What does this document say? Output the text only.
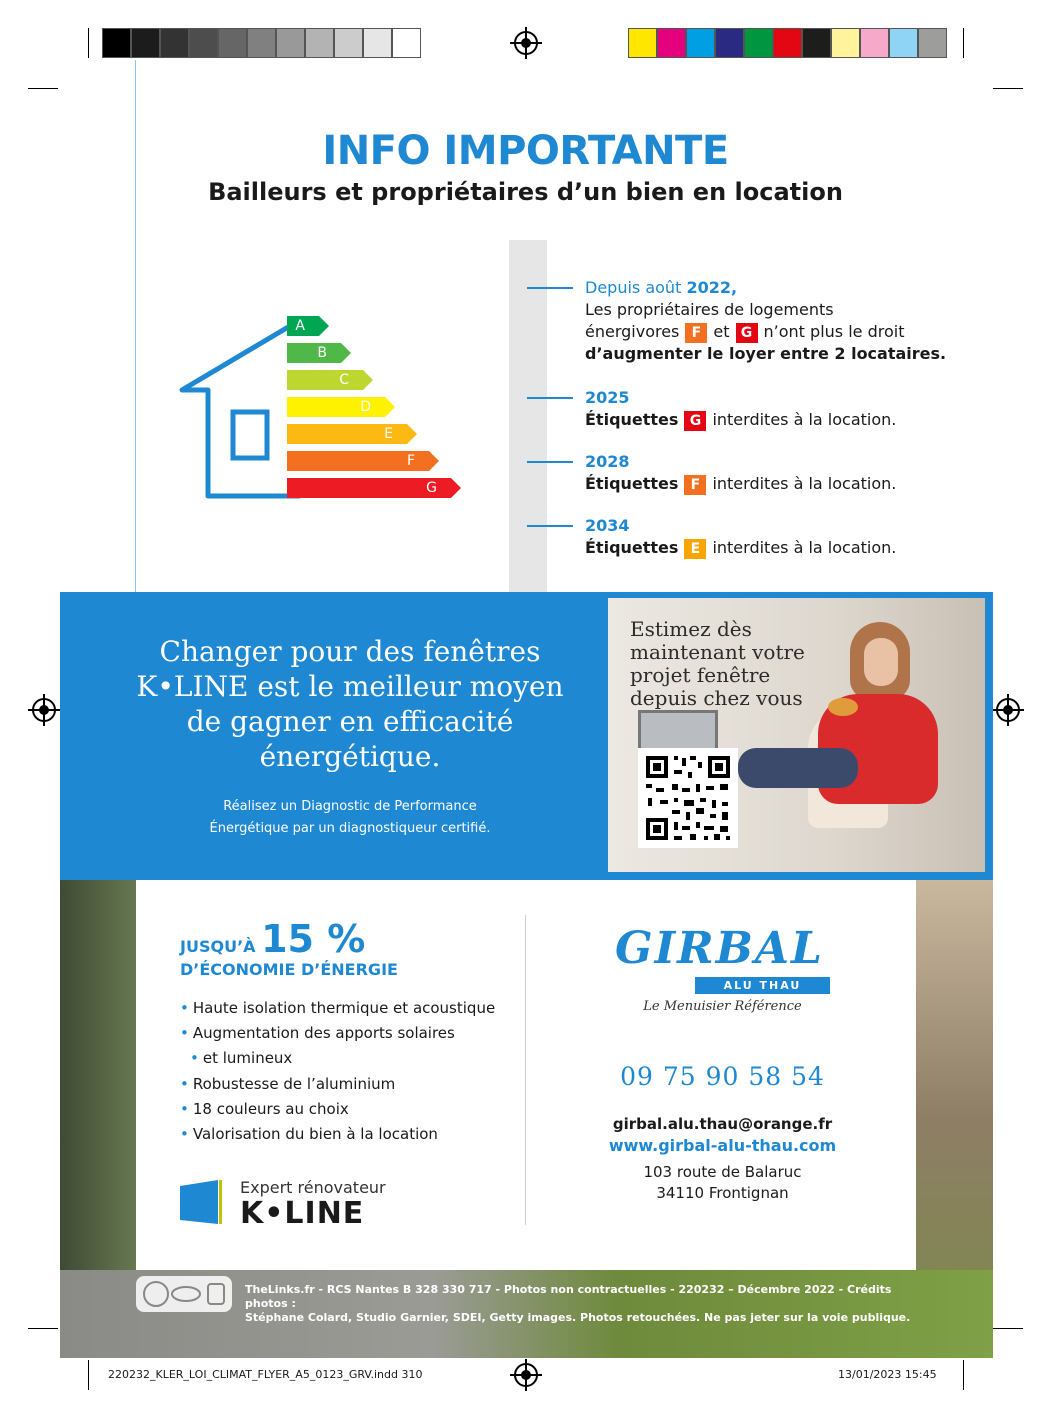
INFO IMPORTANTE
Bailleurs et propriétaires d’un bien en location
A
B
C
D
E
F
G
Depuis août 2022,
Les propriétaires de logements
énergivores F et G n’ont plus le droit
d’augmenter le loyer entre 2 locataires.
2025
Étiquettes G interdites à la location.
2028
Étiquettes F interdites à la location.
2034
Étiquettes E interdites à la location.
Changer pour des fenêtres
K•LINE est le meilleur moyen
de gagner en efficacité
énergétique.
Réalisez un Diagnostic de Performance
Énergétique par un diagnostiqueur certifié.
Estimez dès
maintenant votre
projet fenêtre
depuis chez vous
JUSQU’À 15 %
D’ÉCONOMIE D’ÉNERGIE
• Haute isolation thermique et acoustique
• Augmentation des apports solaires
• et lumineux
• Robustesse de l’aluminium
• 18 couleurs au choix
• Valorisation du bien à la location
Expert rénovateur
K•LINE
GIRBAL
ALU THAU
Le Menuisier Référence
09 75 90 58 54
girbal.alu.thau@orange.fr
www.girbal-alu-thau.com
103 route de Balaruc
34110 Frontignan
TheLinks.fr - RCS Nantes B 328 330 717 - Photos non contractuelles - 220232 – Décembre 2022 - Crédits photos :
Stéphane Colard, Studio Garnier, SDEI, Getty images. Photos retouchées. Ne pas jeter sur la voie publique.
220232_KLER_LOI_CLIMAT_FLYER_A5_0123_GRV.indd 310	13/01/2023 15:45
